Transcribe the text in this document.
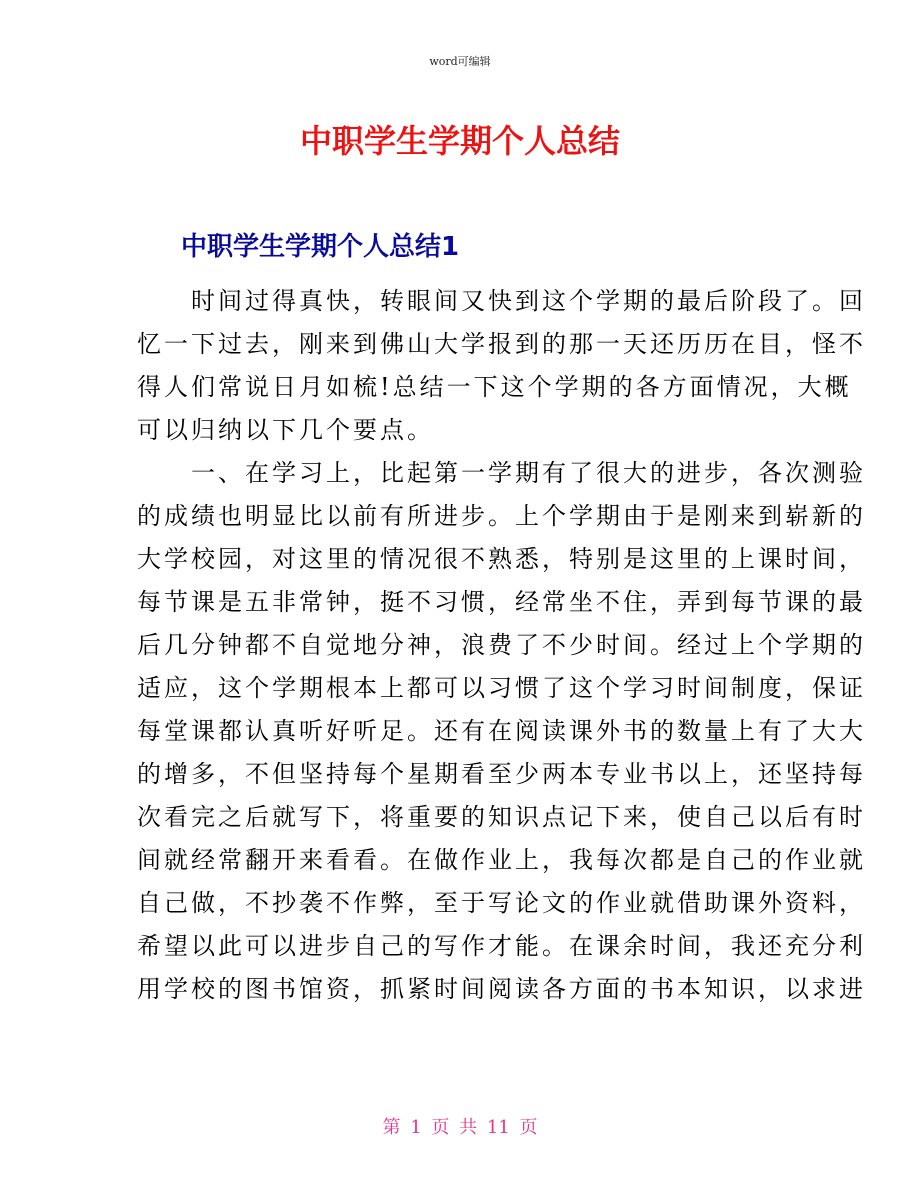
word可编辑
中职学生学期个人总结
中职学生学期个人总结1
　　时间过得真快，转眼间又快到这个学期的最后阶段了。回
忆一下过去，刚来到佛山大学报到的那一天还历历在目，怪不
得人们常说日月如梳!总结一下这个学期的各方面情况，大概
可以归纳以下几个要点。
　　一、在学习上，比起第一学期有了很大的进步，各次测验
的成绩也明显比以前有所进步。上个学期由于是刚来到崭新的
大学校园，对这里的情况很不熟悉，特别是这里的上课时间，
每节课是五非常钟，挺不习惯，经常坐不住，弄到每节课的最
后几分钟都不自觉地分神，浪费了不少时间。经过上个学期的
适应，这个学期根本上都可以习惯了这个学习时间制度，保证
每堂课都认真听好听足。还有在阅读课外书的数量上有了大大
的增多，不但坚持每个星期看至少两本专业书以上，还坚持每
次看完之后就写下，将重要的知识点记下来，使自己以后有时
间就经常翻开来看看。在做作业上，我每次都是自己的作业就
自己做，不抄袭不作弊，至于写论文的作业就借助课外资料，
希望以此可以进步自己的写作才能。在课余时间，我还充分利
用学校的图书馆资，抓紧时间阅读各方面的书本知识，以求进
第 1 页 共 11 页
